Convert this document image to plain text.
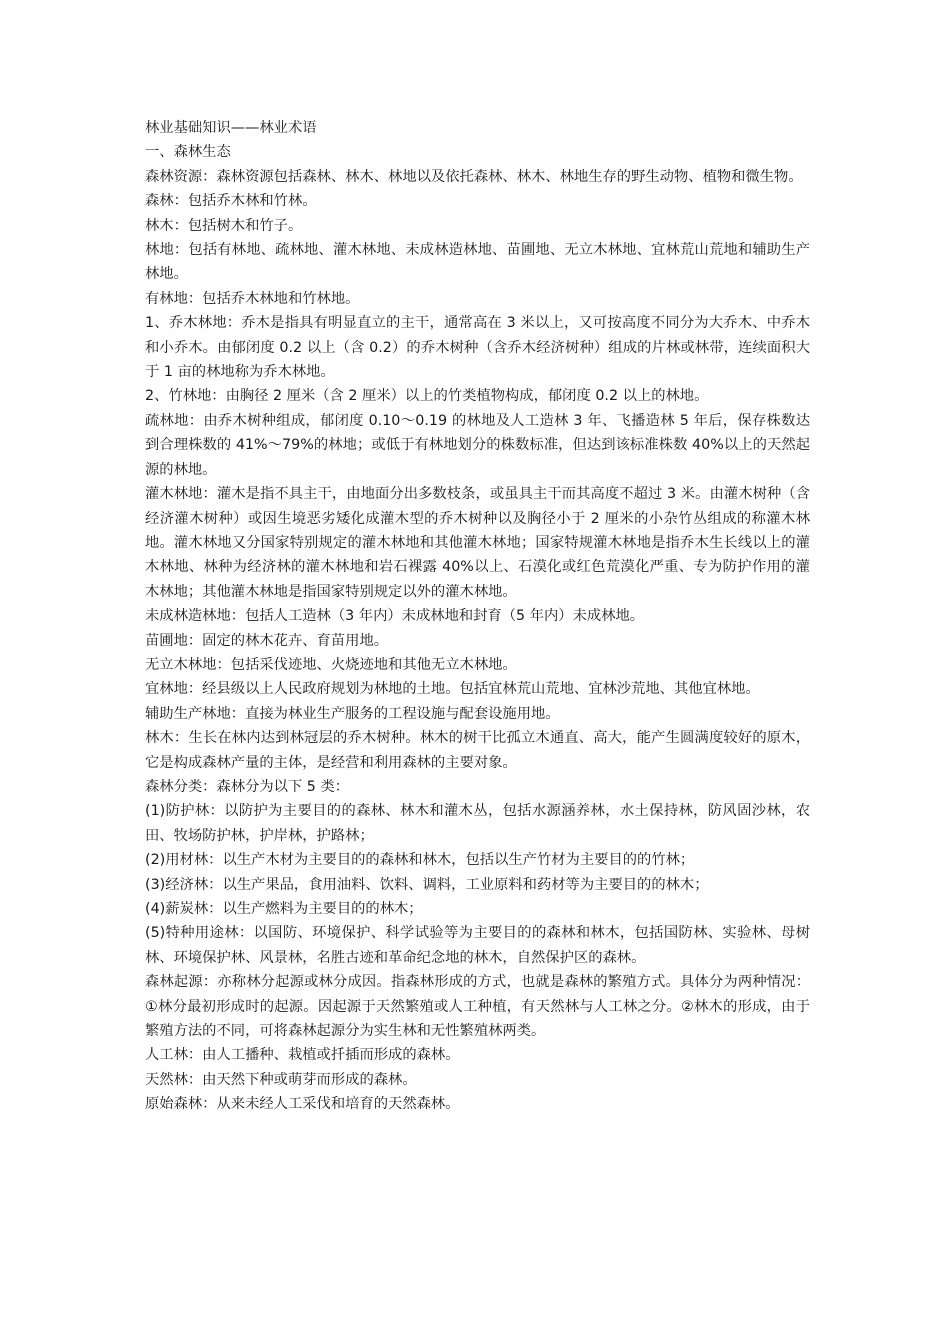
林业基础知识——林业术语

一、森林生态

森林资源：森林资源包括森林、林木、林地以及依托森林、林木、林地生存的野生动物、植物和微生物。

森林：包括乔木林和竹林。

林木：包括树木和竹子。

林地：包括有林地、疏林地、灌木林地、未成林造林地、苗圃地、无立木林地、宜林荒山荒地和辅助生产林地。

有林地：包括乔木林地和竹林地。

1、乔木林地：乔木是指具有明显直立的主干，通常高在 3 米以上，又可按高度不同分为大乔木、中乔木和小乔木。由郁闭度 0.2 以上（含 0.2）的乔木树种（含乔木经济树种）组成的片林或林带，连续面积大于 1 亩的林地称为乔木林地。

2、竹林地：由胸径 2 厘米（含 2 厘米）以上的竹类植物构成，郁闭度 0.2 以上的林地。

疏林地：由乔木树种组成，郁闭度 0.10～0.19 的林地及人工造林 3 年、飞播造林 5 年后，保存株数达到合理株数的 41%～79%的林地；或低于有林地划分的株数标准，但达到该标准株数 40%以上的天然起源的林地。

灌木林地：灌木是指不具主干，由地面分出多数枝条，或虽具主干而其高度不超过 3 米。由灌木树种（含经济灌木树种）或因生境恶劣矮化成灌木型的乔木树种以及胸径小于 2 厘米的小杂竹丛组成的称灌木林地。灌木林地又分国家特别规定的灌木林地和其他灌木林地；国家特规灌木林地是指乔木生长线以上的灌木林地、林种为经济林的灌木林地和岩石裸露 40%以上、石漠化或红色荒漠化严重、专为防护作用的灌木林地；其他灌木林地是指国家特别规定以外的灌木林地。

未成林造林地：包括人工造林（3 年内）未成林地和封育（5 年内）未成林地。

苗圃地：固定的林木花卉、育苗用地。

无立木林地：包括采伐迹地、火烧迹地和其他无立木林地。

宜林地：经县级以上人民政府规划为林地的土地。包括宜林荒山荒地、宜林沙荒地、其他宜林地。

辅助生产林地：直接为林业生产服务的工程设施与配套设施用地。

林木：生长在林内达到林冠层的乔木树种。林木的树干比孤立木通直、高大，能产生圆满度较好的原木，它是构成森林产量的主体，是经营和利用森林的主要对象。

森林分类：森林分为以下 5 类：

(1)防护林：以防护为主要目的的森林、林木和灌木丛，包括水源涵养林，水土保持林，防风固沙林，农田、牧场防护林，护岸林，护路林；

(2)用材林：以生产木材为主要目的的森林和林木，包括以生产竹材为主要目的的竹林；

(3)经济林：以生产果品，食用油料、饮料、调料，工业原料和药材等为主要目的的林木；

(4)薪炭林：以生产燃料为主要目的的林木；

(5)特种用途林：以国防、环境保护、科学试验等为主要目的的森林和林木，包括国防林、实验林、母树林、环境保护林、风景林，名胜古迹和革命纪念地的林木，自然保护区的森林。

森林起源：亦称林分起源或林分成因。指森林形成的方式，也就是森林的繁殖方式。具体分为两种情况：①林分最初形成时的起源。因起源于天然繁殖或人工种植，有天然林与人工林之分。②林木的形成，由于繁殖方法的不同，可将森林起源分为实生林和无性繁殖林两类。

人工林：由人工播种、栽植或扦插而形成的森林。

天然林：由天然下种或萌芽而形成的森林。

原始森林：从来未经人工采伐和培育的天然森林。
